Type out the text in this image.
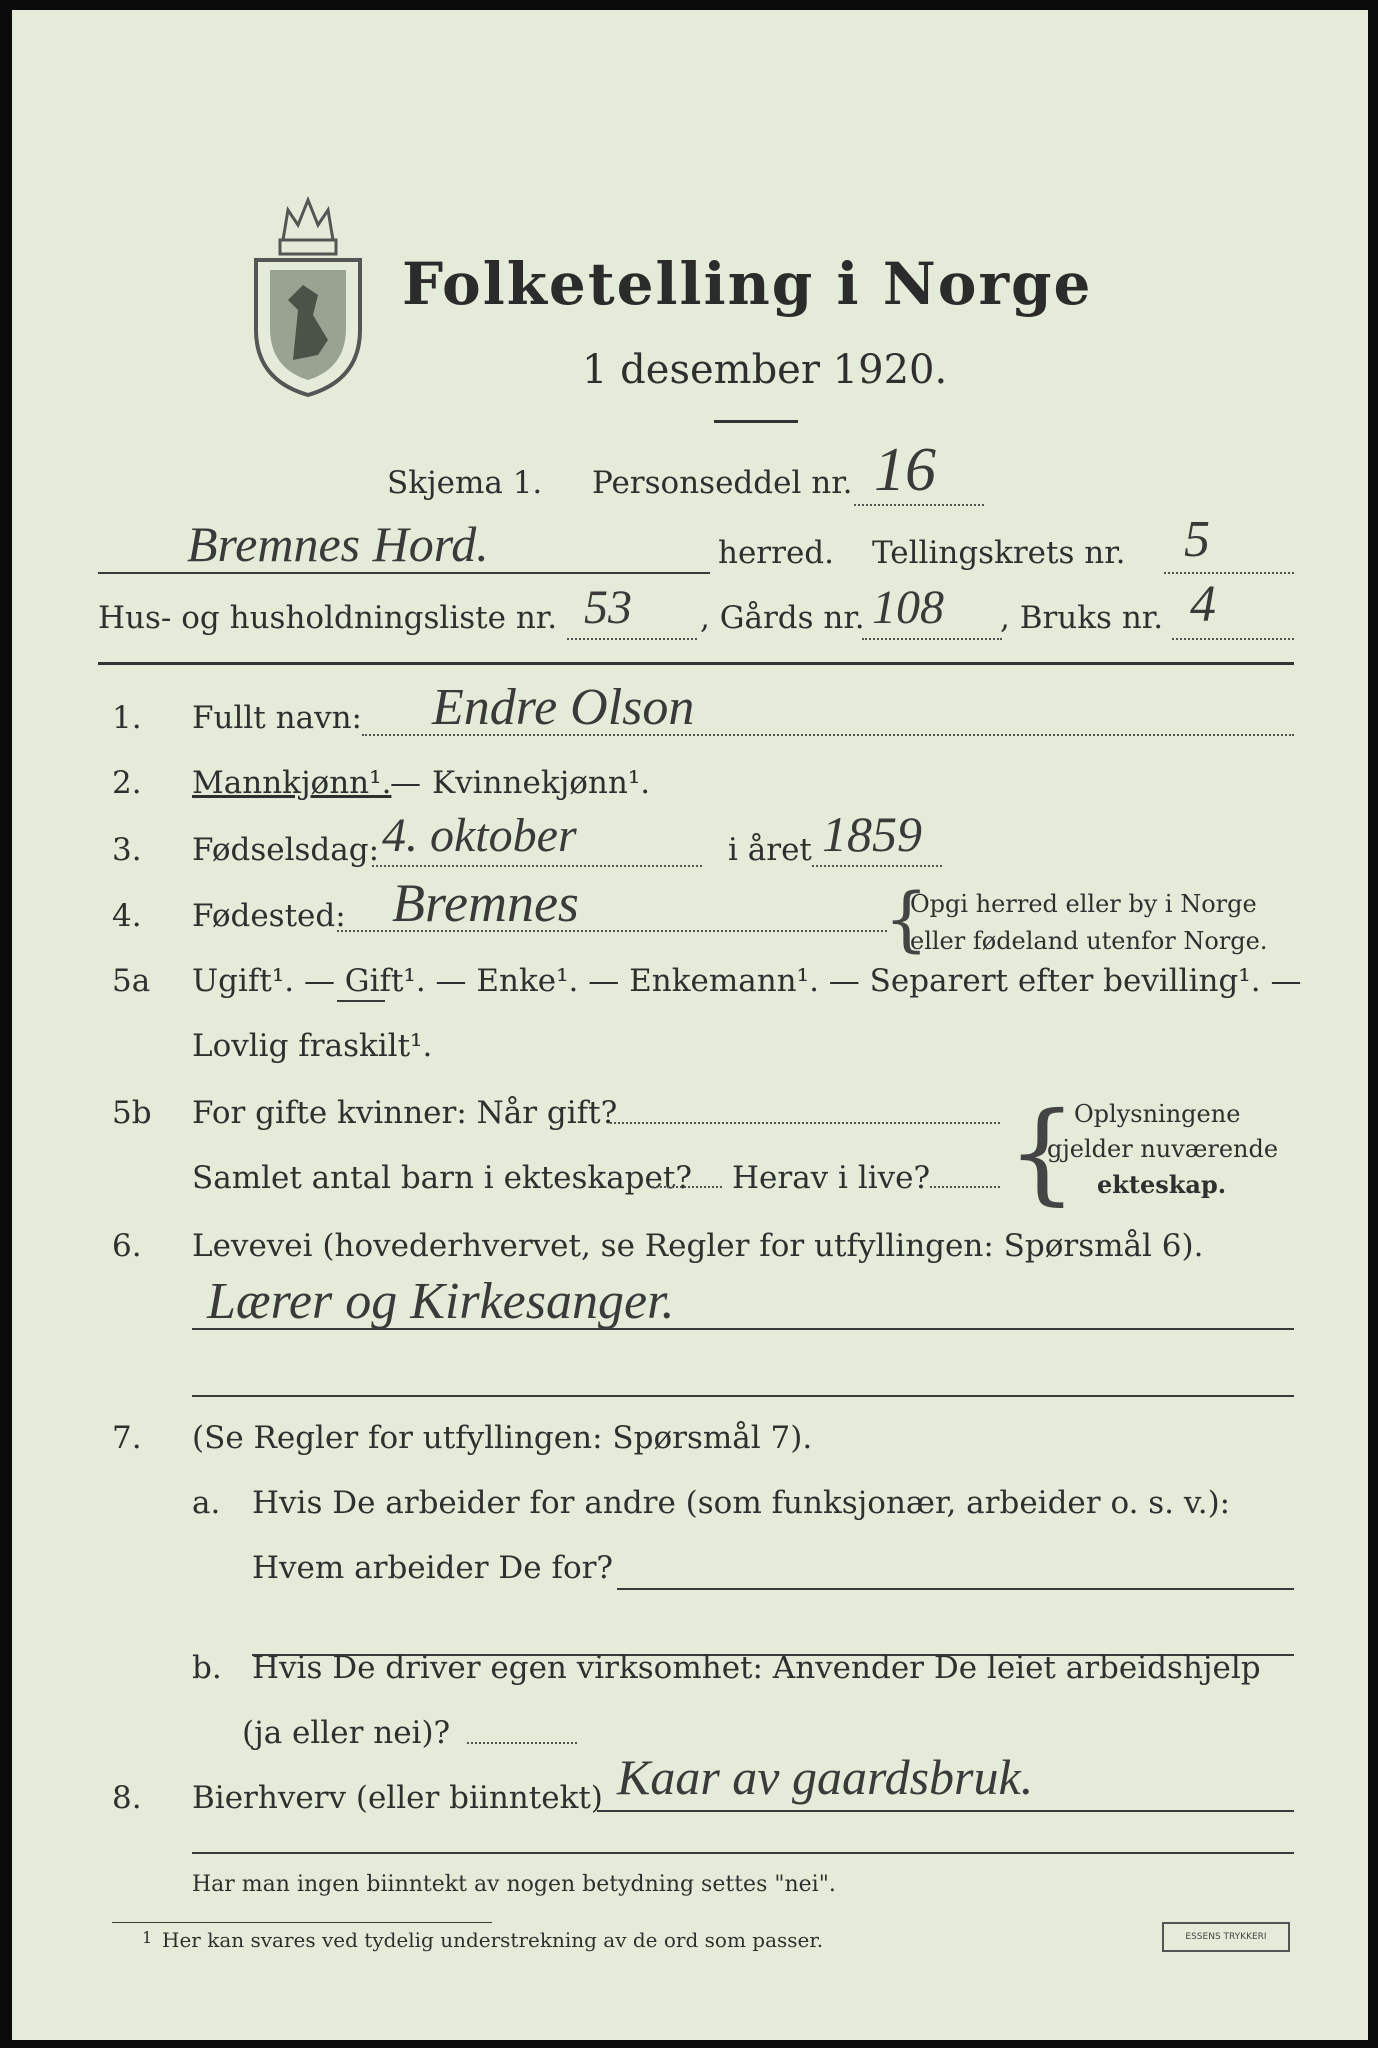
Folketelling i Norge
1 desember 1920.
Skjema 1. Personseddel nr. 16
Bremnes Hord.	herred. Tellingskrets nr. 5
Hus- og husholdningsliste nr. 53 , Gårds nr. 108 , Bruks nr. 4
1. Fullt navn: Endre Olson
2. Mannkjønn¹.
— Kvinnekjønn¹.
3. Fødselsdag: 4. oktober	i året 1859
4. Fødested: Bremnes	{
Opgi herred eller by i Norge
eller fødeland utenfor Norge.
5a Ugift¹. — Gift¹. — Enke¹. — Enkemann¹. — Separert efter bevilling¹. —
Lovlig fraskilt¹.
5b For gifte kvinner: Når gift?
Samlet antal barn i ekteskapet? Herav i live? {
Oplysningene
gjelder nuværende
ekteskap.
6. Levevei (hovederhvervet, se Regler for utfyllingen: Spørsmål 6).
Lærer og Kirkesanger.
7. (Se Regler for utfyllingen: Spørsmål 7).
a. Hvis De arbeider for andre (som funksjonær, arbeider o. s. v.):
Hvem arbeider De for?
b. Hvis De driver egen virksomhet: Anvender De leiet arbeidshjelp
(ja eller nei)?
8. Bierhverv (eller biinntekt) Kaar av gaardsbruk.
Har man ingen biinntekt av nogen betydning settes "nei".
1 Her kan svares ved tydelig understrekning av de ord som passer.	ESSENS TRYKKERI
